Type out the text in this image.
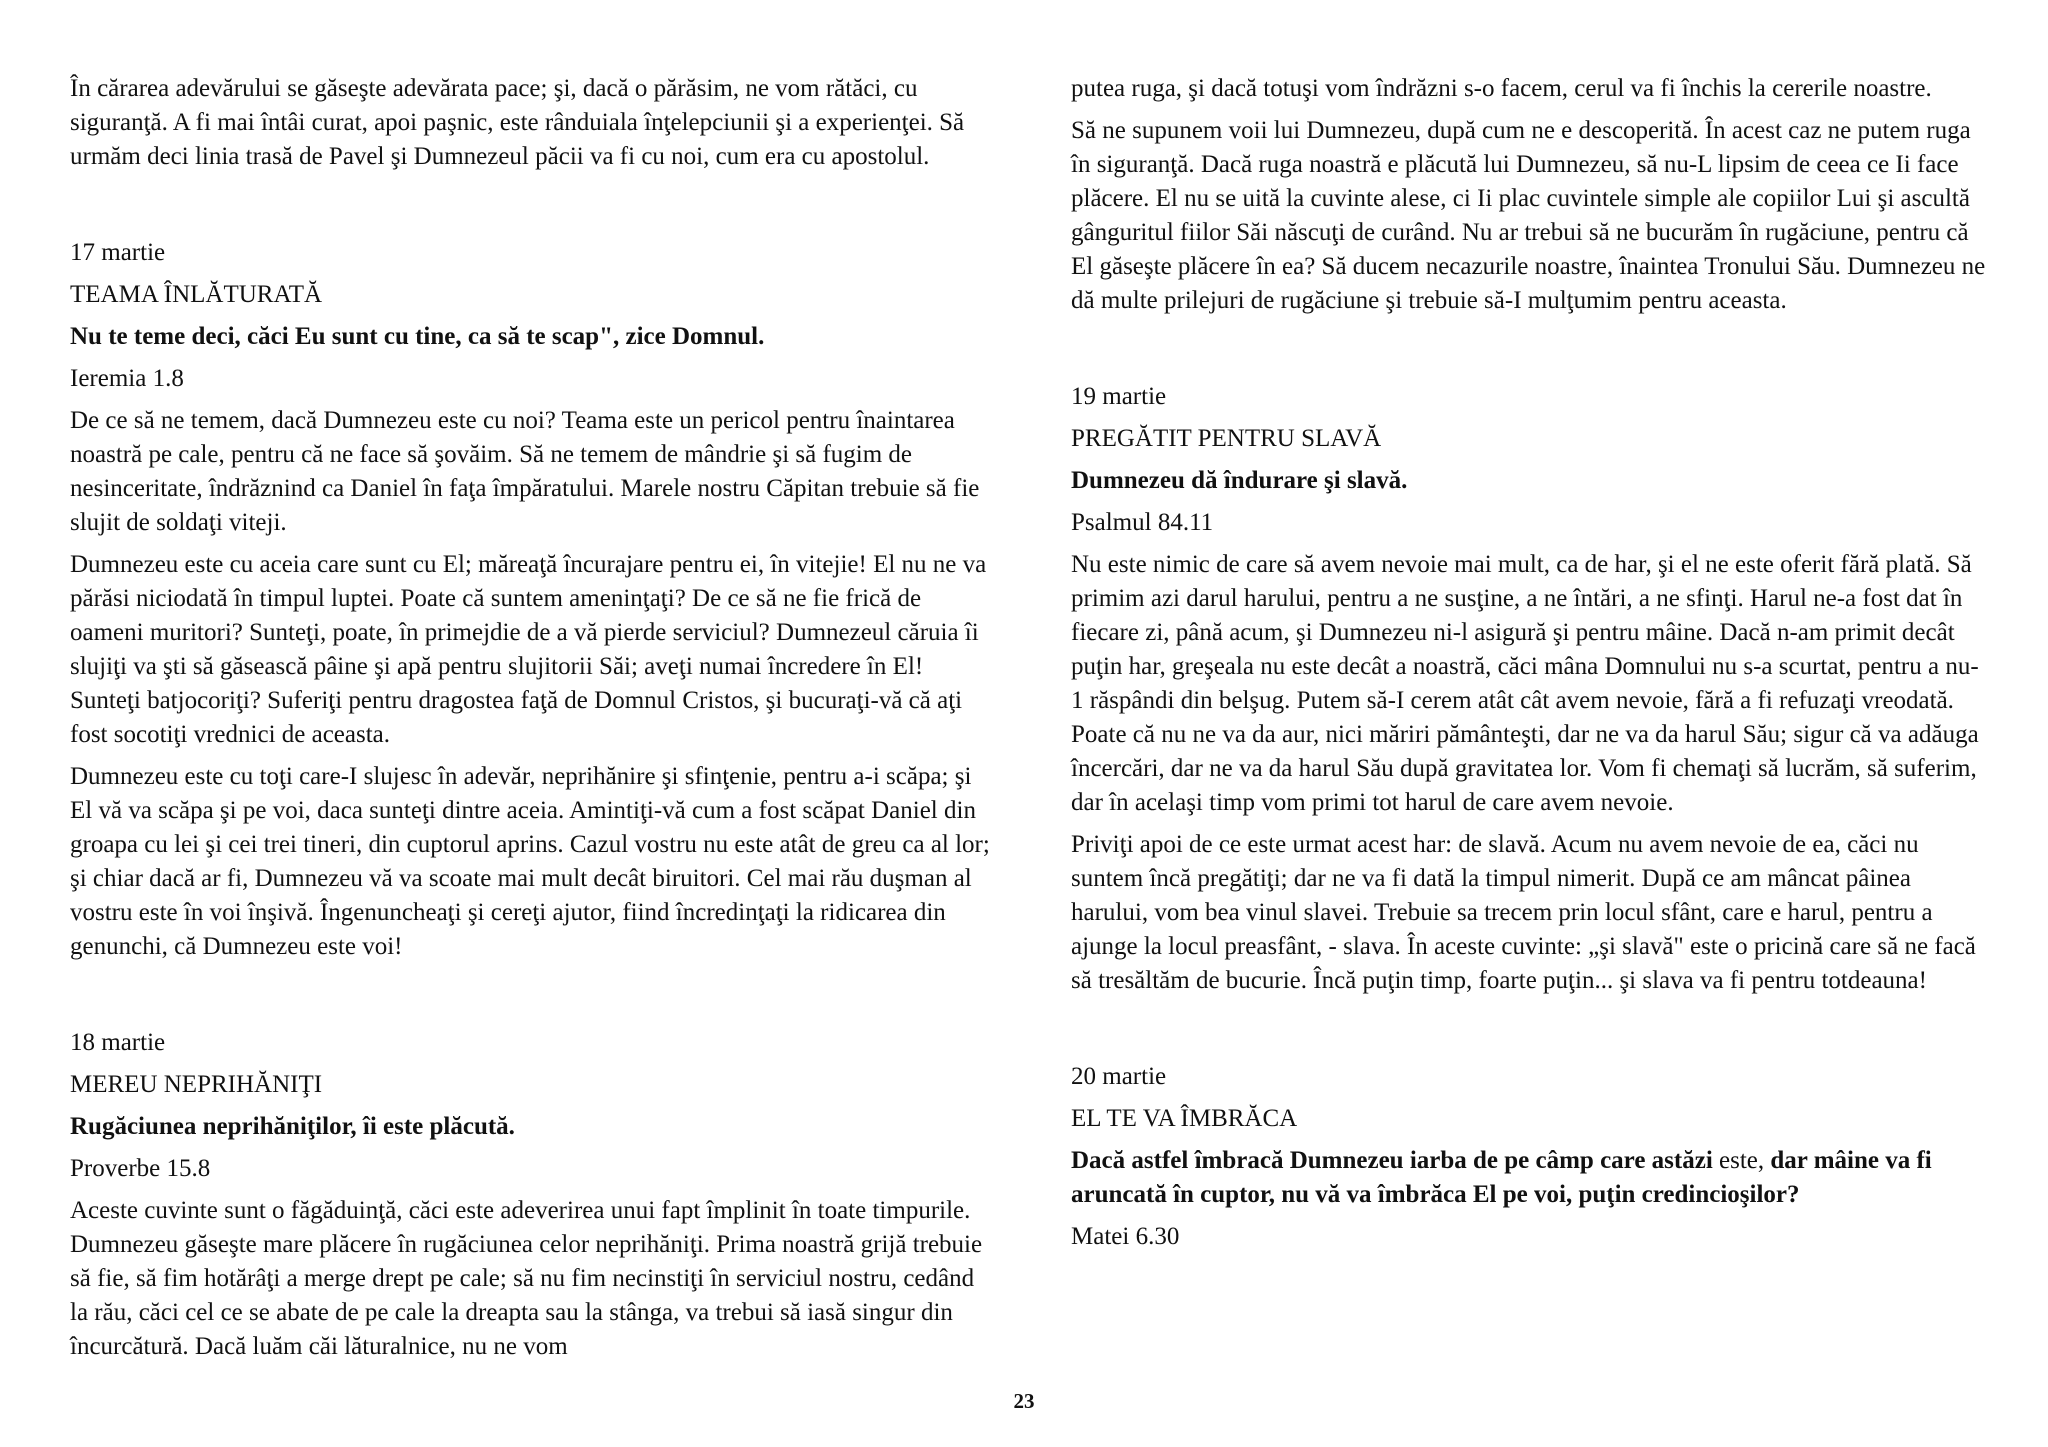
În cărarea adevărului se găseşte adevărata pace; şi, dacă o părăsim, ne vom rătăci, cu siguranţă. A fi mai întâi curat, apoi paşnic, este rânduiala înţelepciunii şi a experienţei. Să urmăm deci linia trasă de Pavel şi Dumnezeul păcii va fi cu noi, cum era cu apostolul.

17 martie
TEAMA ÎNLĂTURATĂ
Nu te teme deci, căci Eu sunt cu tine, ca să te scap", zice Domnul.
Ieremia 1.8

De ce să ne temem, dacă Dumnezeu este cu noi? Teama este un pericol pentru înaintarea noastră pe cale, pentru că ne face să şovăim. Să ne temem de mândrie şi să fugim de nesinceritate, îndrăznind ca Daniel în faţa împăratului. Marele nostru Căpitan trebuie să fie slujit de soldaţi viteji.

Dumnezeu este cu aceia care sunt cu El; măreaţă încurajare pentru ei, în vitejie! El nu ne va părăsi niciodată în timpul luptei. Poate că suntem ameninţaţi? De ce să ne fie frică de oameni muritori? Sunteţi, poate, în primejdie de a vă pierde serviciul? Dumnezeul căruia îi slujiţi va şti să găsească pâine şi apă pentru slujitorii Săi; aveţi numai încredere în El! Sunteţi batjocoriţi? Suferiţi pentru dragostea faţă de Domnul Cristos, şi bucuraţi-vă că aţi fost socotiţi vrednici de aceasta.

Dumnezeu este cu toţi care-I slujesc în adevăr, neprihănire şi sfinţenie, pentru a-i scăpa; şi El vă va scăpa şi pe voi, daca sunteţi dintre aceia. Amintiţi-vă cum a fost scăpat Daniel din groapa cu lei şi cei trei tineri, din cuptorul aprins. Cazul vostru nu este atât de greu ca al lor; şi chiar dacă ar fi, Dumnezeu vă va scoate mai mult decât biruitori. Cel mai rău duşman al vostru este în voi înşivă. Îngenuncheaţi şi cereţi ajutor, fiind încredinţaţi la ridicarea din genunchi, că Dumnezeu este voi!

18 martie
MEREU NEPRIHĂNIŢI
Rugăciunea neprihăniţilor, îi este plăcută.
Proverbe 15.8

Aceste cuvinte sunt o făgăduinţă, căci este adeverirea unui fapt împlinit în toate timpurile. Dumnezeu găseşte mare plăcere în rugăciunea celor neprihăniţi. Prima noastră grijă trebuie să fie, să fim hotărâţi a merge drept pe cale; să nu fim necinstiţi în serviciul nostru, cedând la rău, căci cel ce se abate de pe cale la dreapta sau la stânga, va trebui să iasă singur din încurcătură. Dacă luăm căi lăturalnice, nu ne vom

putea ruga, şi dacă totuşi vom îndrăzni s-o facem, cerul va fi închis la cererile noastre.

Să ne supunem voii lui Dumnezeu, după cum ne e descoperită. În acest caz ne putem ruga în siguranţă. Dacă ruga noastră e plăcută lui Dumnezeu, să nu-L lipsim de ceea ce Ii face plăcere. El nu se uită la cuvinte alese, ci Ii plac cuvintele simple ale copiilor Lui şi ascultă gânguritul fiilor Săi născuţi de curând. Nu ar trebui să ne bucurăm în rugăciune, pentru că El găseşte plăcere în ea? Să ducem necazurile noastre, înaintea Tronului Său. Dumnezeu ne dă multe prilejuri de rugăciune şi trebuie să-I mulţumim pentru aceasta.

19 martie
PREGĂTIT PENTRU SLAVĂ
Dumnezeu dă îndurare şi slavă.
Psalmul 84.11

Nu este nimic de care să avem nevoie mai mult, ca de har, şi el ne este oferit fără plată. Să primim azi darul harului, pentru a ne susţine, a ne întări, a ne sfinţi. Harul ne-a fost dat în fiecare zi, până acum, şi Dumnezeu ni-l asigură şi pentru mâine. Dacă n-am primit decât puţin har, greşeala nu este decât a noastră, căci mâna Domnului nu s-a scurtat, pentru a nu-1 răspândi din belşug. Putem să-I cerem atât cât avem nevoie, fără a fi refuzaţi vreodată. Poate că nu ne va da aur, nici măriri pământeşti, dar ne va da harul Său; sigur că va adăuga încercări, dar ne va da harul Său după gravitatea lor. Vom fi chemaţi să lucrăm, să suferim, dar în acelaşi timp vom primi tot harul de care avem nevoie.

Priviţi apoi de ce este urmat acest har: de slavă. Acum nu avem nevoie de ea, căci nu suntem încă pregătiţi; dar ne va fi dată la timpul nimerit. După ce am mâncat pâinea harului, vom bea vinul slavei. Trebuie sa trecem prin locul sfânt, care e harul, pentru a ajunge la locul preasfânt, - slava. În aceste cuvinte: „şi slavă" este o pricină care să ne facă să tresăltăm de bucurie. Încă puţin timp, foarte puţin... şi slava va fi pentru totdeauna!

20 martie
EL TE VA ÎMBRĂCA

Dacă astfel îmbracă Dumnezeu iarba de pe câmp care astăzi este, dar mâine va fi aruncată în cuptor, nu vă va îmbrăca El pe voi, puţin credincioşilor?

Matei 6.30
23
